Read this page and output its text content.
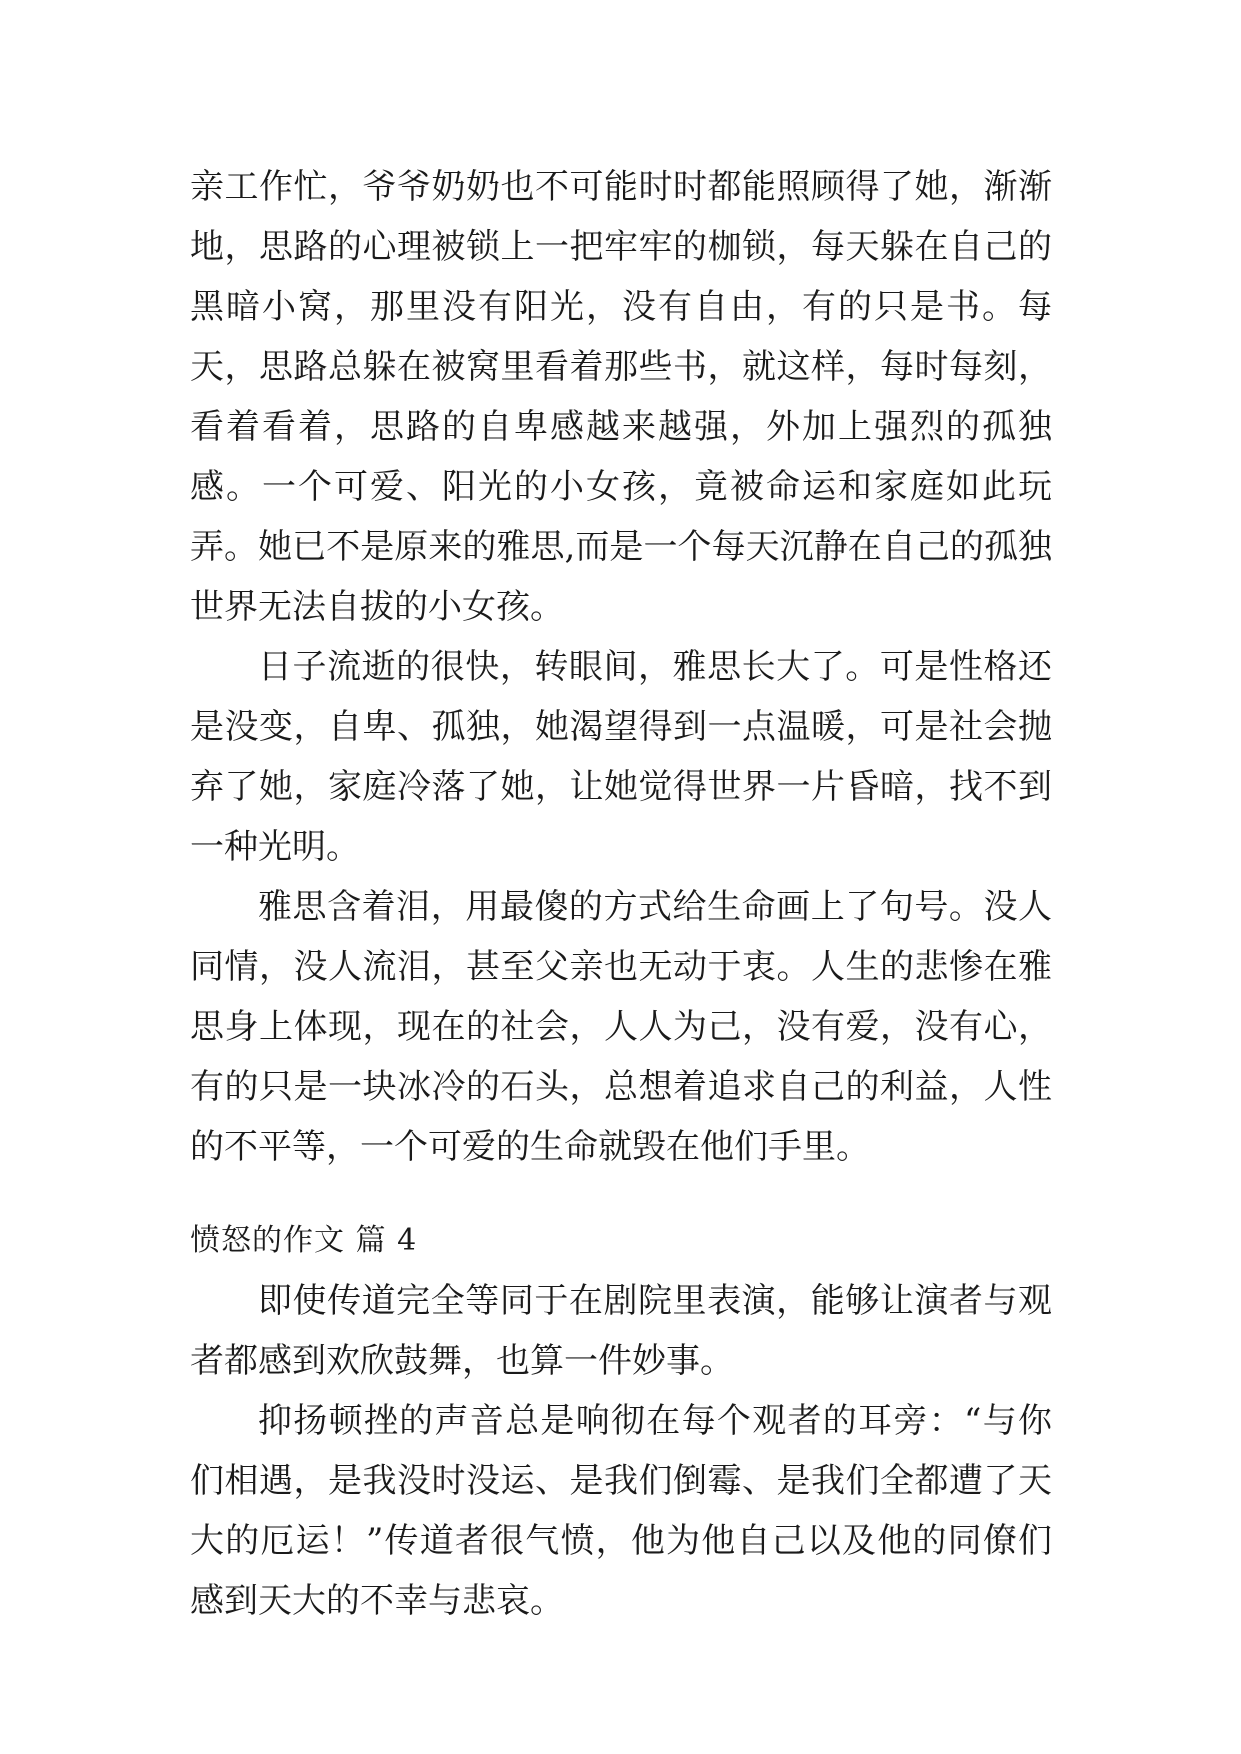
亲工作忙，爷爷奶奶也不可能时时都能照顾得了她，渐渐地，思路的心理被锁上一把牢牢的枷锁，每天躲在自己的黑暗小窝，那里没有阳光，没有自由，有的只是书。每天，思路总躲在被窝里看着那些书，就这样，每时每刻，看着看着，思路的自卑感越来越强，外加上强烈的孤独感。一个可爱、阳光的小女孩，竟被命运和家庭如此玩弄。她已不是原来的雅思,而是一个每天沉静在自己的孤独世界无法自拔的小女孩。

日子流逝的很快，转眼间，雅思长大了。可是性格还是没变，自卑、孤独，她渴望得到一点温暖，可是社会抛弃了她，家庭冷落了她，让她觉得世界一片昏暗，找不到一种光明。

雅思含着泪，用最傻的方式给生命画上了句号。没人同情，没人流泪，甚至父亲也无动于衷。人生的悲惨在雅思身上体现，现在的社会，人人为己，没有爱，没有心，有的只是一块冰冷的石头，总想着追求自己的利益，人性的不平等，一个可爱的生命就毁在他们手里。

愤怒的作文 篇 4

即使传道完全等同于在剧院里表演，能够让演者与观者都感到欢欣鼓舞，也算一件妙事。

抑扬顿挫的声音总是响彻在每个观者的耳旁：“与你们相遇，是我没时没运、是我们倒霉、是我们全都遭了天大的厄运！”传道者很气愤，他为他自己以及他的同僚们感到天大的不幸与悲哀。
